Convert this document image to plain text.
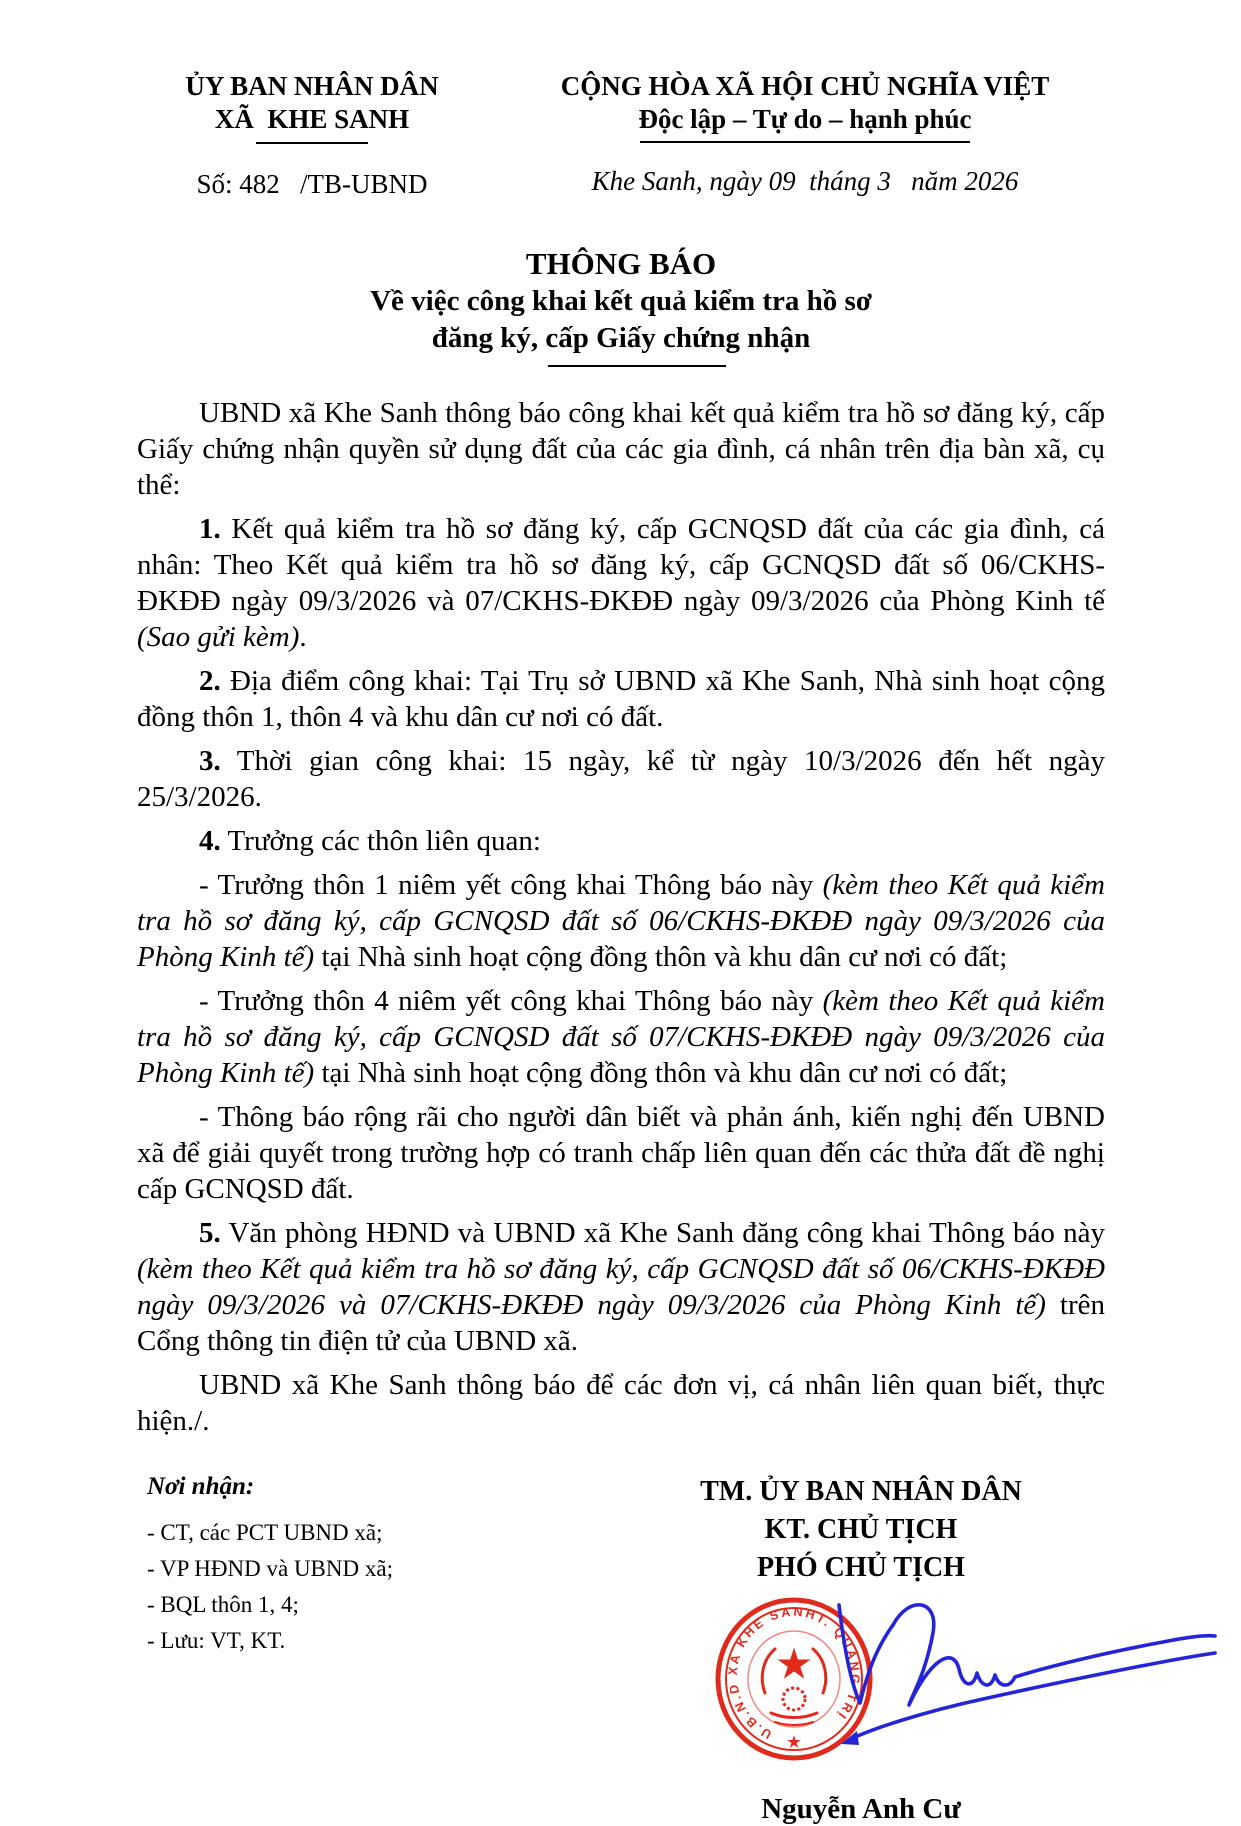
ỦY BAN NHÂN DÂN
XÃ  KHE SANH
Số: 482   /TB-UBND
CỘNG HÒA XÃ HỘI CHỦ NGHĨA VIỆT
Độc lập – Tự do – hạnh phúc
Khe Sanh, ngày 09  tháng 3   năm 2026
THÔNG BÁO
Về việc công khai kết quả kiểm tra hồ sơ
đăng ký, cấp Giấy chứng nhận

UBND xã Khe Sanh thông báo công khai kết quả kiểm tra hồ sơ đăng ký, cấp Giấy chứng nhận quyền sử dụng đất của các gia đình, cá nhân trên địa bàn xã, cụ thể:

1. Kết quả kiểm tra hồ sơ đăng ký, cấp GCNQSD đất của các gia đình, cá nhân: Theo Kết quả kiểm tra hồ sơ đăng ký, cấp GCNQSD đất số 06/CKHS-ĐKĐĐ ngày 09/3/2026 và 07/CKHS-ĐKĐĐ ngày 09/3/2026 của Phòng Kinh tế (Sao gửi kèm).

2. Địa điểm công khai: Tại Trụ sở UBND xã Khe Sanh, Nhà sinh hoạt cộng đồng thôn 1, thôn 4 và khu dân cư nơi có đất.

3. Thời gian công khai: 15 ngày, kể từ ngày 10/3/2026 đến hết ngày 25/3/2026.

4. Trưởng các thôn liên quan:

- Trưởng thôn 1 niêm yết công khai Thông báo này (kèm theo Kết quả kiểm tra hồ sơ đăng ký, cấp GCNQSD đất số 06/CKHS-ĐKĐĐ ngày 09/3/2026 của Phòng Kinh tế) tại Nhà sinh hoạt cộng đồng thôn và khu dân cư nơi có đất;

- Trưởng thôn 4 niêm yết công khai Thông báo này (kèm theo Kết quả kiểm tra hồ sơ đăng ký, cấp GCNQSD đất số 07/CKHS-ĐKĐĐ ngày 09/3/2026 của Phòng Kinh tế) tại Nhà sinh hoạt cộng đồng thôn và khu dân cư nơi có đất;

- Thông báo rộng rãi cho người dân biết và phản ánh, kiến nghị đến UBND xã để giải quyết trong trường hợp có tranh chấp liên quan đến các thửa đất đề nghị cấp GCNQSD đất.

5. Văn phòng HĐND và UBND xã Khe Sanh đăng công khai Thông báo này (kèm theo Kết quả kiểm tra hồ sơ đăng ký, cấp GCNQSD đất số 06/CKHS-ĐKĐĐ ngày 09/3/2026 và 07/CKHS-ĐKĐĐ ngày 09/3/2026 của Phòng Kinh tế) trên Cổng thông tin điện tử của UBND xã.

UBND xã Khe Sanh thông báo để các đơn vị, cá nhân liên quan biết, thực hiện./.

Nơi nhận:
- CT, các PCT UBND xã;
- VP HĐND và UBND xã;
- BQL thôn 1, 4;
- Lưu: VT, KT.
TM. ỦY BAN NHÂN DÂN
KT. CHỦ TỊCH
PHÓ CHỦ TỊCH
★
★
U.B.N.D XÃ KHE SANH
T. QUẢNG TRỊ
Nguyễn Anh Cư
